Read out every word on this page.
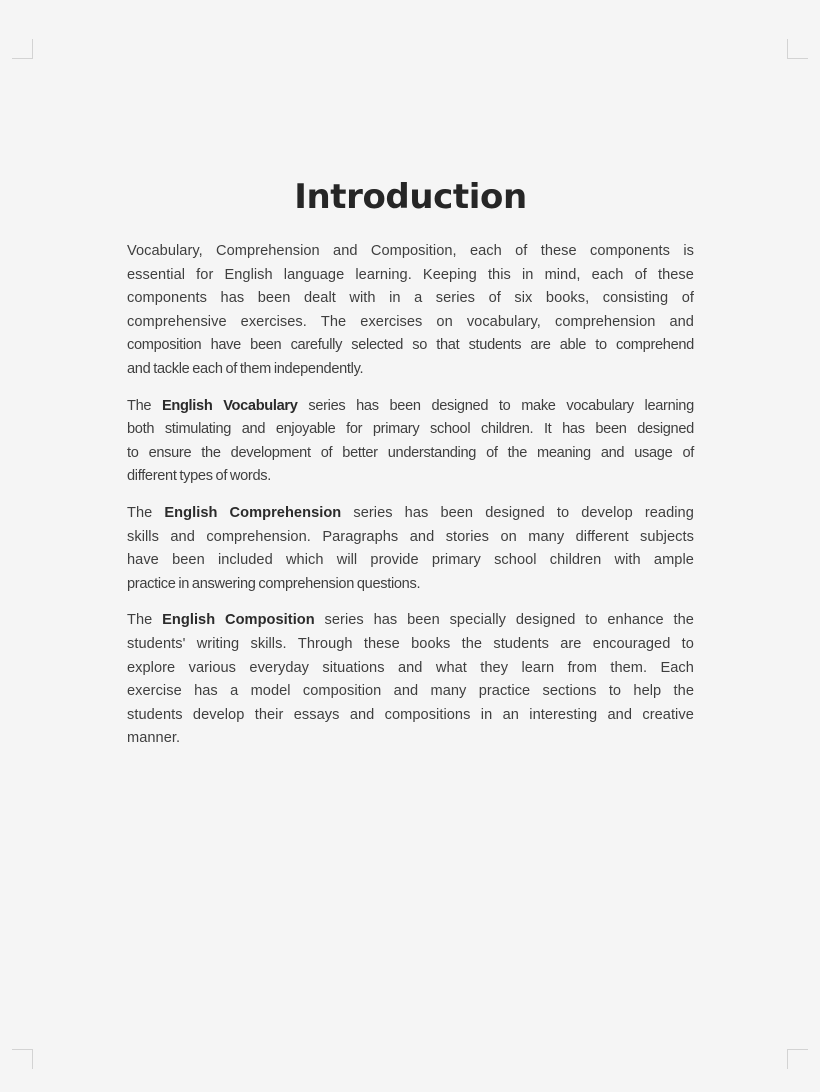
Introduction

Vocabulary, Comprehension and Composition, each of these components is
essential for English language learning. Keeping this in mind, each of these
components has been dealt with in a series of six books, consisting of
comprehensive exercises. The exercises on vocabulary, comprehension and
composition have been carefully selected so that students are able to comprehend
and tackle each of them independently.

The English Vocabulary series has been designed to make vocabulary learning
both stimulating and enjoyable for primary school children. It has been designed
to ensure the development of better understanding of the meaning and usage of
different types of words.

The English Comprehension series has been designed to develop reading
skills and comprehension. Paragraphs and stories on many different subjects
have been included which will provide primary school children with ample
practice in answering comprehension questions.

The English Composition series has been specially designed to enhance the
students' writing skills. Through these books the students are encouraged to
explore various everyday situations and what they learn from them. Each
exercise has a model composition and many practice sections to help the
students develop their essays and compositions in an interesting and creative
manner.
